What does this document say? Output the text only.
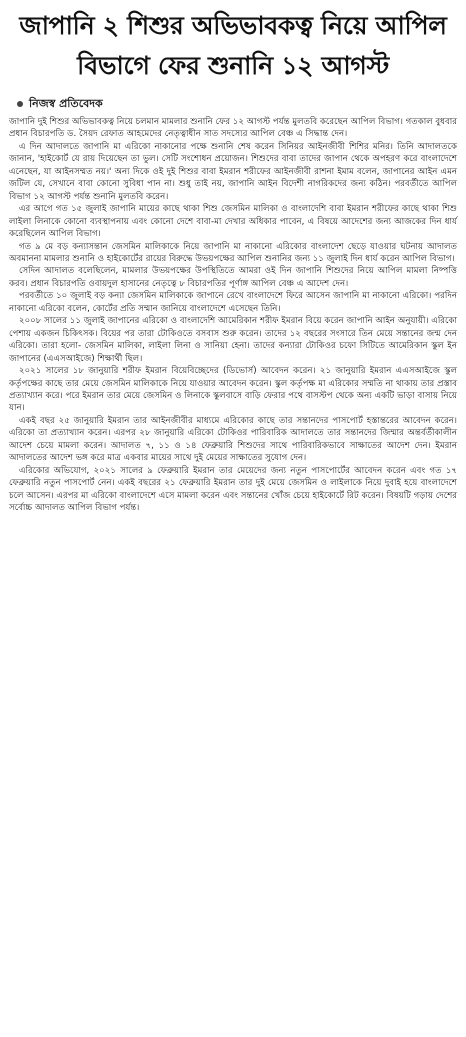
জাপানি ২ শিশুর অভিভাবকত্ব নিয়ে আপিল
বিভাগে ফের শুনানি ১২ আগস্ট
নিজস্ব প্রতিবেদক

জাপানি দুই শিশুর অভিভাবকত্ব নিয়ে চলমান মামলার শুনানি ফের ১২ আগস্ট পর্যন্ত মুলতবি করেছেন আপিল বিভাগ। গতকাল বুধবার প্রধান বিচারপতি ড. সৈয়দ রেফাত আহমেদের নেতৃত্বাধীন সাত সদস্যের আপিল বেঞ্চ এ সিদ্ধান্ত দেন।

এ দিন আদালতে জাপানি মা এরিকো নাকানোর পক্ষে শুনানি শেষ করেন সিনিয়র আইনজীবী শিশির মনির। তিনি আদালতকে জানান, 'হাইকোর্ট যে রায় দিয়েছেন তা ভুল। সেটি সংশোধন প্রয়োজন। শিশুদের বাবা তাদের জাপান থেকে অপহরণ করে বাংলাদেশে এনেছেন, যা আইনসম্মত নয়।' অন্য দিকে ওই দুই শিশুর বাবা ইমরান শরীফের আইনজীবী রাশনা ইমাম বলেন, জাপানের আইন এমন জটিল যে, সেখানে বাবা কোনো সুবিধা পান না। শুধু তাই নয়, জাপানি আইন বিদেশী নাগরিকদের জন্য কঠিন। পরবর্তীতে আপিল বিভাগ ১২ আগস্ট পর্যন্ত শুনানি মুলতবি করেন।

এর আগে গত ১৫ জুলাই জাপানি মায়ের কাছে থাকা শিশু জেসমিন মালিকা ও বাংলাদেশি বাবা ইমরান শরীফের কাছে থাকা শিশু লাইলা লিনাকে কোনো ব্যবস্থাপনায় এবং কোনো দেশে বাবা-মা দেখার অধিকার পাবেন, এ বিষয়ে আদেশের জন্য আজকের দিন ধার্য করেছিলেন আপিল বিভাগ।

গত ৯ মে বড় কন্যাসন্তান জেসমিন মালিকাকে নিয়ে জাপানি মা নাকানো এরিকোর বাংলাদেশ ছেড়ে যাওয়ার ঘটনায় আদালত অবমাননা মামলার শুনানি ও হাইকোর্টের রায়ের বিরুদ্ধে উভয়পক্ষের আপিল শুনানির জন্য ১১ জুলাই দিন ধার্য করেন আপিল বিভাগ।

সেদিন আদালত বলেছিলেন, মামলার উভয়পক্ষের উপস্থিতিতে আমরা ওই দিন জাপানি শিশুদের নিয়ে আপিল মামলা নিষ্পত্তি করব। প্রধান বিচারপতি ওবায়দুল হাসানের নেতৃত্বে ৮ বিচারপতির পূর্ণাঙ্গ আপিল বেঞ্চ এ আদেশ দেন।

পরবর্তীতে ১০ জুলাই বড় কন্যা জেসমিন মালিকাকে জাপানে রেখে বাংলাদেশে ফিরে আসেন জাপানি মা নাকানো এরিকো। পরদিন নাকানো এরিকো বলেন, কোর্টের প্রতি সম্মান জানিয়ে বাংলাদেশে এসেছেন তিনি।

২০০৮ সালের ১১ জুলাই জাপানের এরিকো ও বাংলাদেশি আমেরিকান শরীফ ইমরান বিয়ে করেন জাপানি আইন অনুযায়ী। এরিকো পেশায় একজন চিকিৎসক। বিয়ের পর তারা টোকিওতে বসবাস শুরু করেন। তাদের ১২ বছরের সংসারে তিন মেয়ে সন্তানের জন্ম দেন এরিকো। তারা হলো- জেসমিন মালিকা, লাইলা লিনা ও সানিয়া হেনা। তাদের কন্যারা টোকিওর চফো সিটিতে আমেরিকান স্কুল ইন জাপানের (এএসআইজে) শিক্ষার্থী ছিল।

২০২১ সালের ১৮ জানুয়ারি শরীফ ইমরান বিয়েবিচ্ছেদের (ডিভোর্স) আবেদন করেন। ২১ জানুয়ারি ইমরান এএসআইজে স্কুল কর্তৃপক্ষের কাছে তার মেয়ে জেসমিন মালিকাকে নিয়ে যাওয়ার আবেদন করেন। স্কুল কর্তৃপক্ষ মা এরিকোর সম্মতি না থাকায় তার প্রস্তাব প্রত্যাখ্যান করে। পরে ইমরান তার মেয়ে জেসমিন ও লিনাকে স্কুলবাসে বাড়ি ফেরার পথে বাসস্টপ থেকে অন্য একটি ভাড়া বাসায় নিয়ে যান।

একই বছর ২৫ জানুয়ারি ইমরান তার আইনজীবীর মাধ্যমে এরিকোর কাছে তার সন্তানদের পাসপোর্ট হস্তান্তরের আবেদন করেন। এরিকো তা প্রত্যাখ্যান করেন। এরপর ২৮ জানুয়ারি এরিকো টোকিওর পারিবারিক আদালতে তার সন্তানদের জিম্মার অন্তর্বর্তীকালীন আদেশ চেয়ে মামলা করেন। আদালত ৭, ১১ ও ১৪ ফেব্রুয়ারি শিশুদের সাথে পারিবারিকভাবে সাক্ষাতের আদেশ দেন। ইমরান আদালতের আদেশ ভঙ্গ করে মাত্র একবার মায়ের সাথে দুই মেয়ের সাক্ষাতের সুযোগ দেন।

এরিকোর অভিযোগ, ২০২১ সালের ৯ ফেব্রুয়ারি ইমরান তার মেয়েদের জন্য নতুন পাসপোর্টের আবেদন করেন এবং গত ১৭ ফেব্রুয়ারি নতুন পাসপোর্ট নেন। একই বছরের ২১ ফেব্রুয়ারি ইমরান তার দুই মেয়ে জেসমিন ও লাইলাকে নিয়ে দুবাই হয়ে বাংলাদেশে চলে আসেন। এরপর মা এরিকো বাংলাদেশে এসে মামলা করেন এবং সন্তানের খোঁজ চেয়ে হাইকোর্টে রিট করেন। বিষয়টি গড়ায় দেশের সর্বোচ্চ আদালত আপিল বিভাগ পর্যন্ত।
